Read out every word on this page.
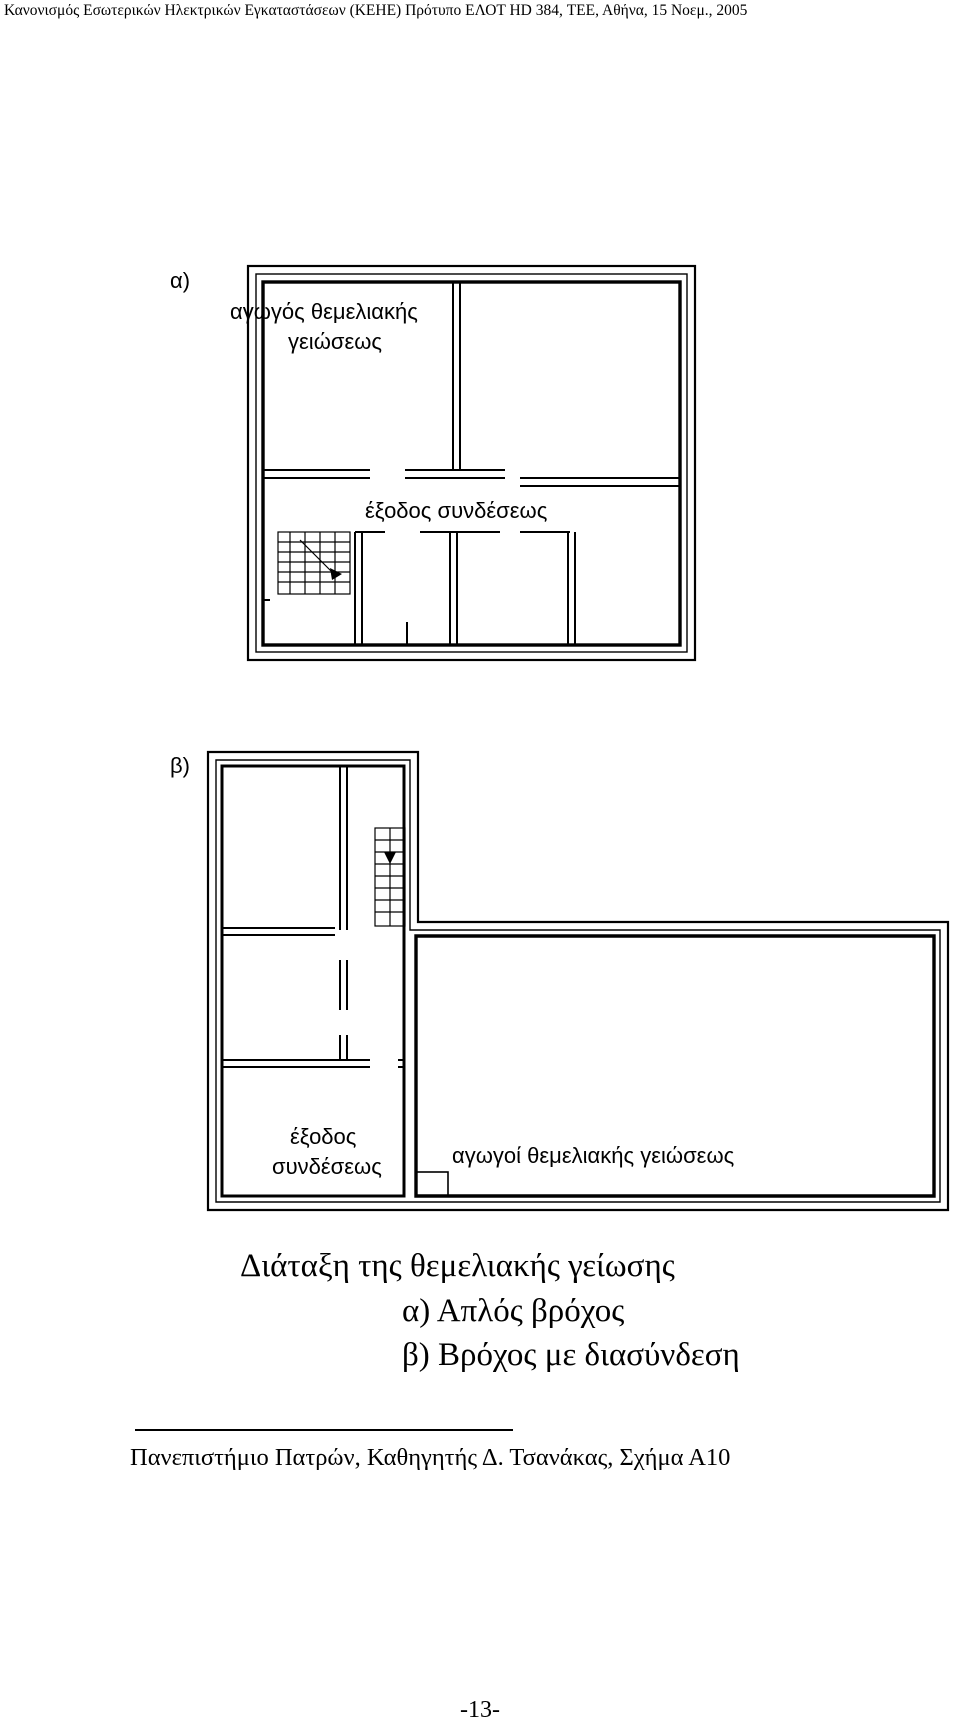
Κανονισμός Εσωτερικών Ηλεκτρικών Εγκαταστάσεων (ΚΕΗΕ) Πρότυπο ΕΛΟΤ HD 384, ΤΕΕ, Αθήνα, 15 Νοεμ., 2005
α)
αγωγός θεμελιακής
γειώσεως
έξοδος συνδέσεως
β)
έξοδος
συνδέσεως	αγωγοί θεμελιακής γειώσεως
Διάταξη της θεμελιακής γείωσης
α) Απλός βρόχος
β) Βρόχος με διασύνδεση
Πανεπιστήμιο Πατρών, Καθηγητής Δ. Τσανάκας, Σχήμα Α10
-13-
